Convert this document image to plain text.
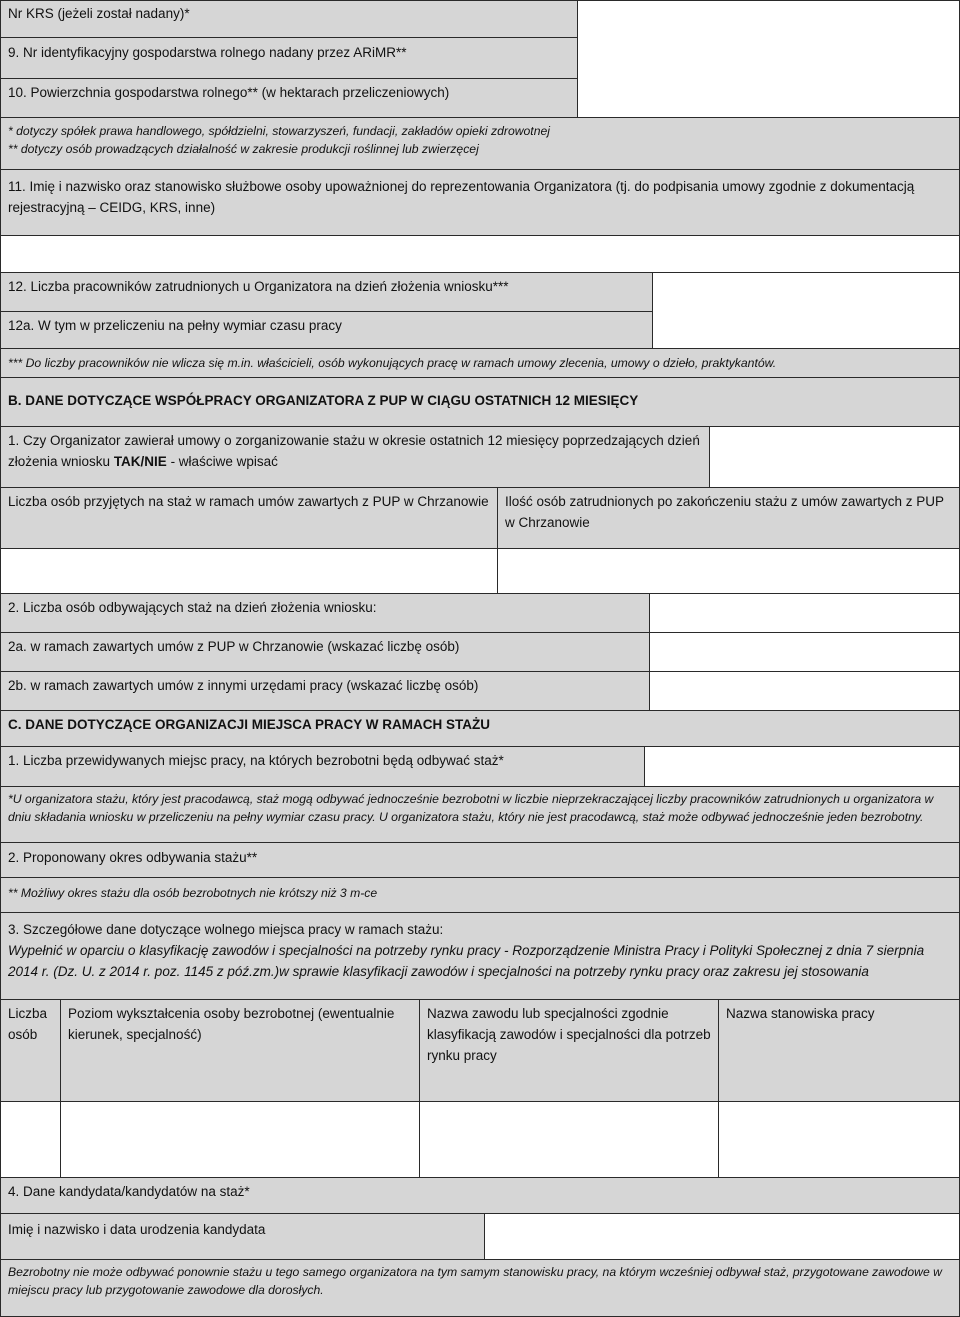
Nr KRS (jeżeli został nadany)*
9. Nr identyfikacyjny gospodarstwa rolnego nadany przez ARiMR**
10. Powierzchnia gospodarstwa rolnego** (w hektarach przeliczeniowych)
* dotyczy spółek prawa handlowego, spółdzielni, stowarzyszeń, fundacji, zakładów opieki zdrowotnej
** dotyczy osób prowadzących działalność w zakresie produkcji roślinnej lub zwierzęcej
11. Imię i nazwisko oraz stanowisko służbowe osoby upoważnionej do reprezentowania Organizatora (tj. do podpisania umowy zgodnie z dokumentacją rejestracyjną – CEIDG, KRS, inne)
12. Liczba pracowników zatrudnionych u Organizatora na dzień złożenia wniosku***
12a. W tym w przeliczeniu na pełny wymiar czasu pracy
*** Do liczby pracowników nie wlicza się m.in. właścicieli, osób wykonujących pracę w ramach umowy zlecenia, umowy o dzieło, praktykantów.
B. DANE DOTYCZĄCE WSPÓŁPRACY ORGANIZATORA Z PUP W CIĄGU OSTATNICH 12 MIESIĘCY
1. Czy Organizator zawierał umowy o zorganizowanie stażu w okresie ostatnich 12 miesięcy poprzedzających dzień złożenia wniosku TAK/NIE - właściwe wpisać
Liczba osób przyjętych na staż w ramach umów zawartych z PUP w Chrzanowie	Ilość osób zatrudnionych po zakończeniu stażu z umów zawartych z PUP w Chrzanowie
2. Liczba osób odbywających staż na dzień złożenia wniosku:
2a. w ramach zawartych umów z PUP w Chrzanowie (wskazać liczbę osób)
2b. w ramach zawartych umów z innymi urzędami pracy (wskazać liczbę osób)
C. DANE DOTYCZĄCE ORGANIZACJI MIEJSCA PRACY W RAMACH STAŻU
1. Liczba przewidywanych miejsc pracy, na których bezrobotni będą odbywać staż*
*U organizatora stażu, który jest pracodawcą, staż mogą odbywać jednocześnie bezrobotni w liczbie nieprzekraczającej liczby pracowników zatrudnionych u organizatora w dniu składania wniosku w przeliczeniu na pełny wymiar czasu pracy. U organizatora stażu, który nie jest pracodawcą, staż może odbywać jednocześnie jeden bezrobotny.
2. Proponowany okres odbywania stażu**
** Możliwy okres stażu dla osób bezrobotnych nie krótszy niż 3 m-ce
3. Szczegółowe dane dotyczące wolnego miejsca pracy w ramach stażu:
Wypełnić w oparciu o klasyfikację zawodów i specjalności na potrzeby rynku pracy - Rozporządzenie Ministra Pracy i Polityki Społecznej z dnia 7 sierpnia 2014 r. (Dz. U. z 2014 r. poz. 1145 z póź.zm.)w sprawie klasyfikacji zawodów i specjalności na potrzeby rynku pracy oraz zakresu jej stosowania
Liczba osób
Poziom wykształcenia osoby bezrobotnej (ewentualnie kierunek, specjalność)
Nazwa zawodu lub specjalności zgodnie klasyfikacją zawodów i specjalności dla potrzeb rynku pracy
Nazwa stanowiska pracy
4. Dane kandydata/kandydatów na staż*
Imię i nazwisko i data urodzenia kandydata
Bezrobotny nie może odbywać ponownie stażu u tego samego organizatora na tym samym stanowisku pracy, na którym wcześniej odbywał staż, przygotowane zawodowe w miejscu pracy lub przygotowanie zawodowe dla dorosłych.
